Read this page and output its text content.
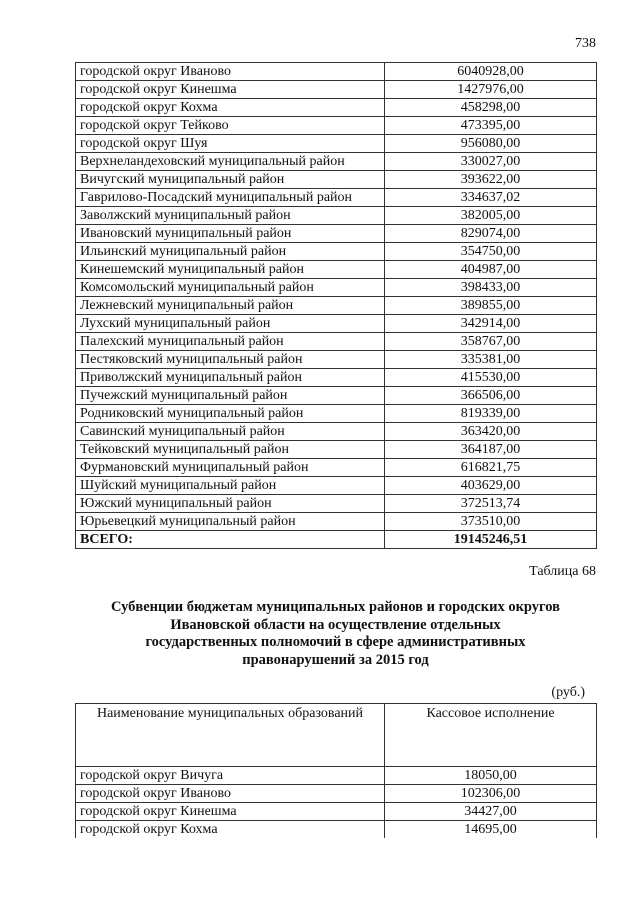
738
городской округ Иваново	6040928,00
городской округ Кинешма	1427976,00
городской округ Кохма	458298,00
городской округ Тейково	473395,00
городской округ Шуя	956080,00
Верхнеландеховский муниципальный район	330027,00
Вичугский муниципальный район	393622,00
Гаврилово-Посадский муниципальный район	334637,02
Заволжский муниципальный район	382005,00
Ивановский муниципальный район	829074,00
Ильинский муниципальный район	354750,00
Кинешемский муниципальный район	404987,00
Комсомольский муниципальный район	398433,00
Лежневский муниципальный район	389855,00
Лухский муниципальный район	342914,00
Палехский муниципальный район	358767,00
Пестяковский муниципальный район	335381,00
Приволжский муниципальный район	415530,00
Пучежский муниципальный район	366506,00
Родниковский муниципальный район	819339,00
Савинский муниципальный район	363420,00
Тейковский муниципальный район	364187,00
Фурмановский муниципальный район	616821,75
Шуйский муниципальный район	403629,00
Южский муниципальный район	372513,74
Юрьевецкий муниципальный район	373510,00
ВСЕГО:	19145246,51
Таблица 68
Субвенции бюджетам муниципальных районов и городских округов
Ивановской области на осуществление отдельных
государственных полномочий в сфере административных
правонарушений за 2015 год
(руб.)
Наименование муниципальных образований	Кассовое исполнение
городской округ Вичуга	18050,00
городской округ Иваново	102306,00
городской округ Кинешма	34427,00
городской округ Кохма	14695,00
